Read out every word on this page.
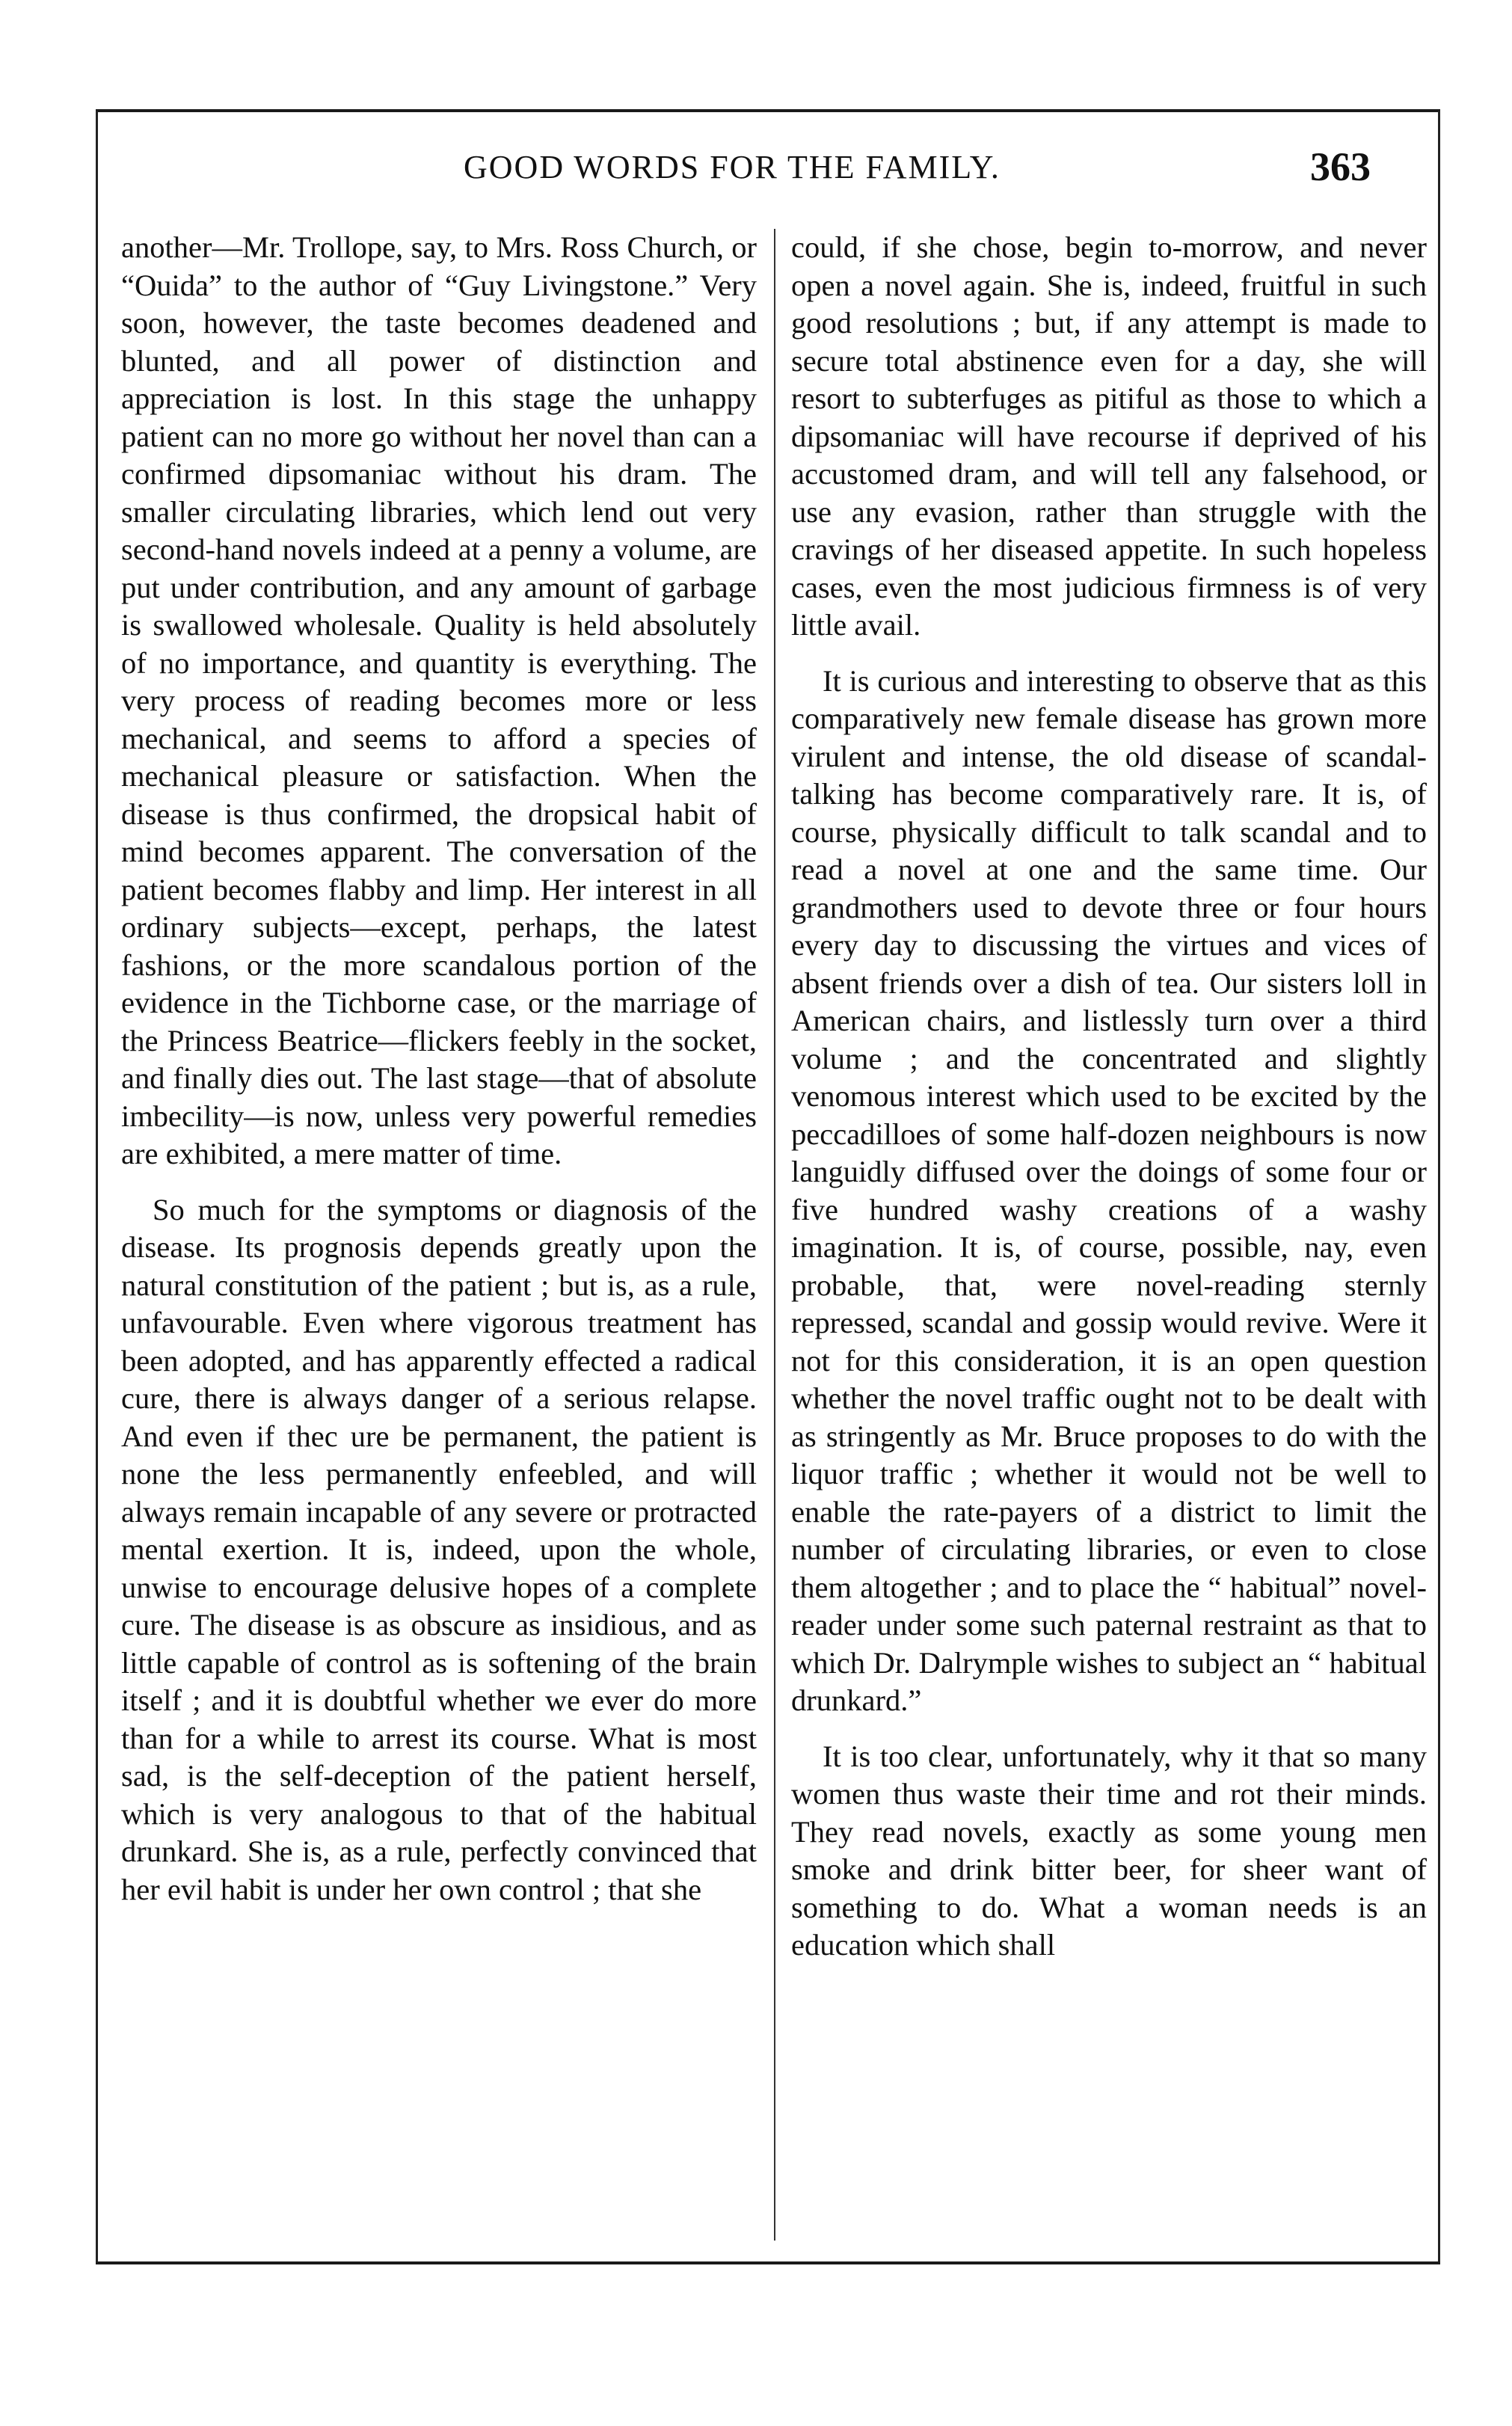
GOOD WORDS FOR THE FAMILY.	363

another—Mr. Trollope, say, to Mrs. Ross Church, or “Ouida” to the author of “Guy Livingstone.” Very soon, however, the taste becomes deadened and blunted, and all power of distinction and appreciation is lost. In this stage the unhappy patient can no more go without her novel than can a confirmed dipsomaniac without his dram. The smaller circulating libraries, which lend out very second-hand novels indeed at a penny a volume, are put under contribution, and any amount of garbage is swallowed wholesale. Quality is held absolutely of no importance, and quantity is everything. The very process of reading becomes more or less mechanical, and seems to afford a species of mechanical pleasure or satisfaction. When the disease is thus confirmed, the dropsical habit of mind becomes apparent. The conversation of the patient becomes flabby and limp. Her interest in all ordinary subjects—except, perhaps, the latest fashions, or the more scandalous portion of the evidence in the Tichborne case, or the marriage of the Princess Beatrice—flickers feebly in the socket, and finally dies out. The last stage—that of absolute imbecility—is now, unless very powerful remedies are exhibited, a mere matter of time.

So much for the symptoms or diagnosis of the disease. Its prognosis depends greatly upon the natural constitution of the patient ; but is, as a rule, unfavourable. Even where vigorous treatment has been adopted, and has apparently effected a radical cure, there is always danger of a serious relapse. And even if thec ure be permanent, the patient is none the less permanently enfeebled, and will always remain incapable of any severe or protracted mental exertion. It is, indeed, upon the whole, unwise to encourage delusive hopes of a complete cure. The disease is as obscure as insidious, and as little capable of control as is softening of the brain itself ; and it is doubtful whether we ever do more than for a while to arrest its course. What is most sad, is the self-deception of the patient herself, which is very analogous to that of the habitual drunkard. She is, as a rule, perfectly convinced that her evil habit is under her own control ; that she

could, if she chose, begin to-morrow, and never open a novel again. She is, indeed, fruitful in such good resolutions ; but, if any attempt is made to secure total abstinence even for a day, she will resort to subterfuges as pitiful as those to which a dipsomaniac will have recourse if deprived of his accustomed dram, and will tell any falsehood, or use any evasion, rather than struggle with the cravings of her diseased appetite. In such hopeless cases, even the most judicious firmness is of very little avail.

It is curious and interesting to observe that as this comparatively new female disease has grown more virulent and intense, the old disease of scandal-talking has become comparatively rare. It is, of course, physically difficult to talk scandal and to read a novel at one and the same time. Our grandmothers used to devote three or four hours every day to discussing the virtues and vices of absent friends over a dish of tea. Our sisters loll in American chairs, and listlessly turn over a third volume ; and the concentrated and slightly venomous interest which used to be excited by the peccadilloes of some half-dozen neighbours is now languidly diffused over the doings of some four or five hundred washy creations of a washy imagination. It is, of course, possible, nay, even probable, that, were novel-reading sternly repressed, scandal and gossip would revive. Were it not for this consideration, it is an open question whether the novel traffic ought not to be dealt with as stringently as Mr. Bruce proposes to do with the liquor traffic ; whether it would not be well to enable the rate-payers of a district to limit the number of circulating libraries, or even to close them altogether ; and to place the “ habitual” novel-reader under some such paternal restraint as that to which Dr. Dalrymple wishes to subject an “ habitual drunkard.”

It is too clear, unfortunately, why it that so many women thus waste their time and rot their minds. They read novels, exactly as some young men smoke and drink bitter beer, for sheer want of something to do. What a woman needs is an education which shall
